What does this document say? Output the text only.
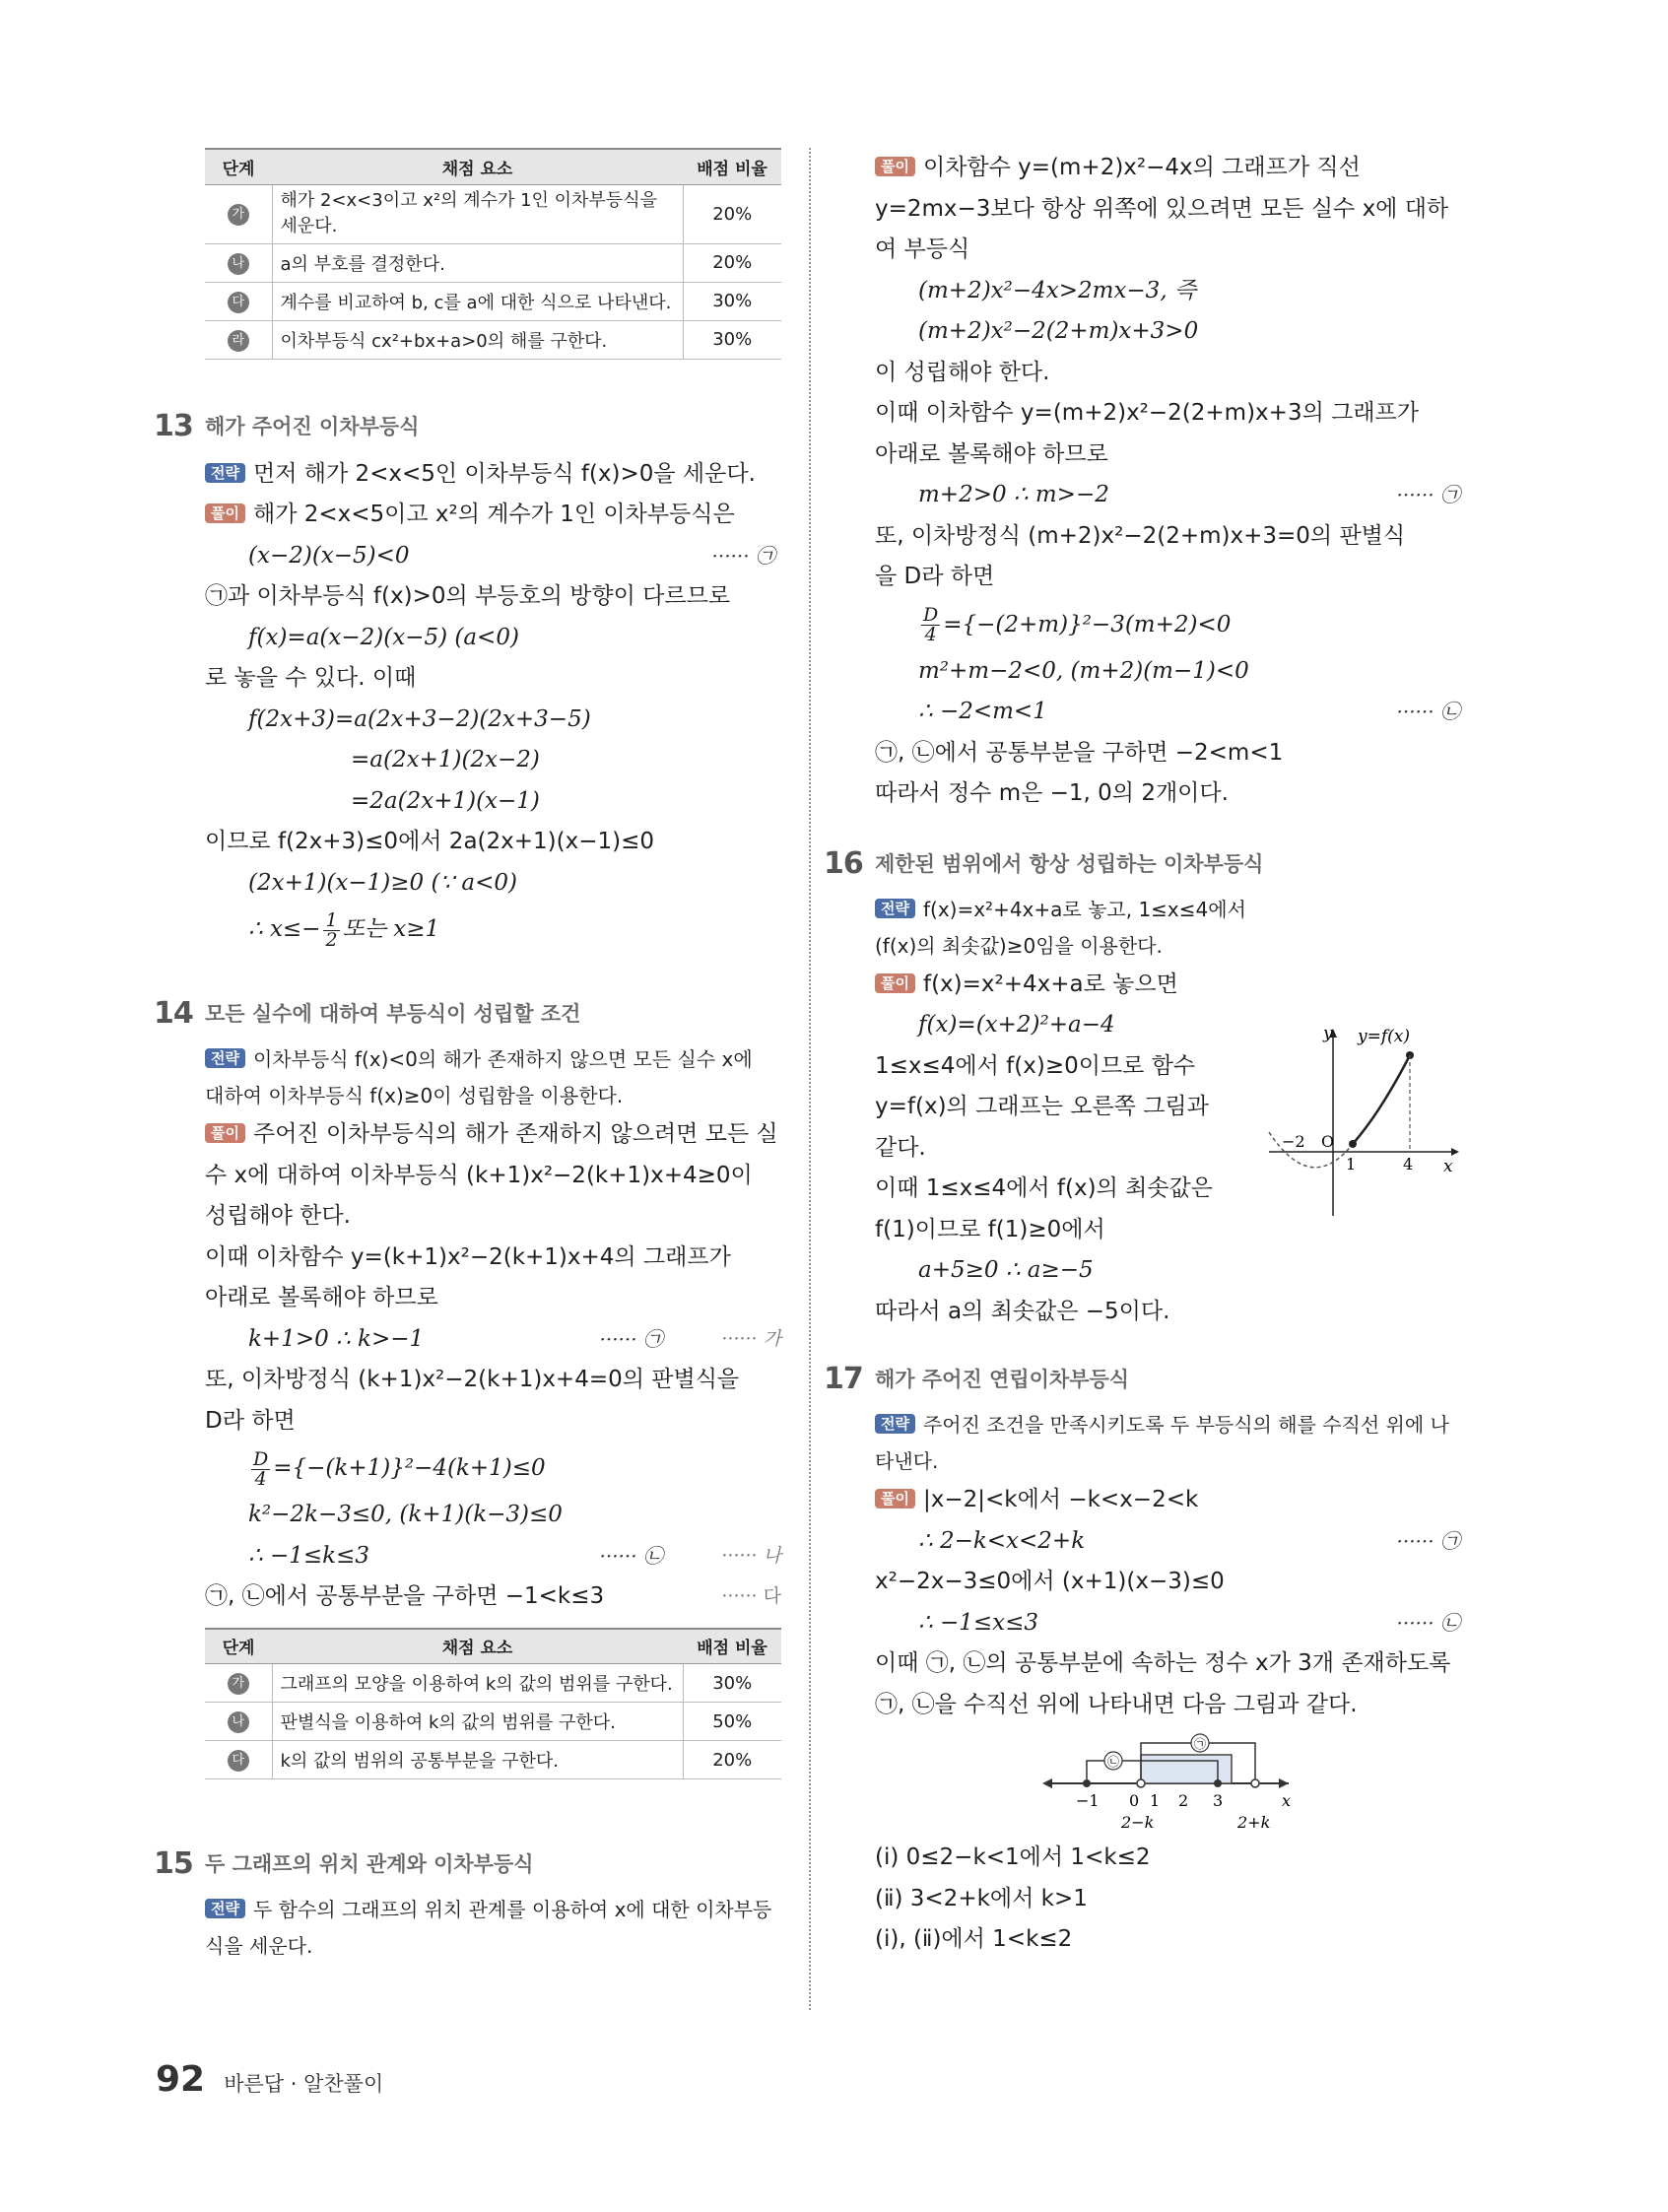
단계	채점 요소	배점 비율
가	해가 2<x<3이고 x²의 계수가 1인 이차부등식을 세운다.	20%
나	a의 부호를 결정한다.	20%
다	계수를 비교하여 b, c를 a에 대한 식으로 나타낸다.	30%
라	이차부등식 cx²+bx+a>0의 해를 구한다.	30%
13 해가 주어진 이차부등식
전략 먼저 해가 2<x<5인 이차부등식 f(x)>0을 세운다.
풀이 해가 2<x<5이고 x²의 계수가 1인 이차부등식은
(x−2)(x−5)<0	······ ㉠
㉠과 이차부등식 f(x)>0의 부등호의 방향이 다르므로
f(x)=a(x−2)(x−5) (a<0)
로 놓을 수 있다. 이때
f(2x+3)=a(2x+3−2)(2x+3−5)
=a(2x+1)(2x−2)
=2a(2x+1)(x−1)
이므로 f(2x+3)≤0에서 2a(2x+1)(x−1)≤0
(2x+1)(x−1)≥0 (∵ a<0)
∴ $x\le- \frac{1}{2}$ 또는 x≥1
14 모든 실수에 대하여 부등식이 성립할 조건
전략 이차부등식 f(x)<0의 해가 존재하지 않으면 모든 실수 x에
대하여 이차부등식 f(x)≥0이 성립함을 이용한다.
풀이 주어진 이차부등식의 해가 존재하지 않으려면 모든 실
수 x에 대하여 이차부등식 (k+1)x²−2(k+1)x+4≥0이
성립해야 한다.
이때 이차함수 y=(k+1)x²−2(k+1)x+4의 그래프가
아래로 볼록해야 하므로
k+1>0 ∴ k>−1	······ ㉠	······ 가
또, 이차방정식 (k+1)x²−2(k+1)x+4=0의 판별식을
D라 하면
$\frac{D}{4} =\{-(k+1)\}^2-4(k+1)\le 0$
k²−2k−3≤0, (k+1)(k−3)≤0
∴ −1≤k≤3	······ ㉡	······ 나
㉠, ㉡에서 공통부분을 구하면 −1<k≤3	······ 다
단계	채점 요소	배점 비율
가	그래프의 모양을 이용하여 k의 값의 범위를 구한다.	30%
나	판별식을 이용하여 k의 값의 범위를 구한다.	50%
다	k의 값의 범위의 공통부분을 구한다.	20%
15 두 그래프의 위치 관계와 이차부등식
전략 두 함수의 그래프의 위치 관계를 이용하여 x에 대한 이차부등
식을 세운다.
풀이 이차함수 y=(m+2)x²−4x의 그래프가 직선
y=2mx−3보다 항상 위쪽에 있으려면 모든 실수 x에 대하
여 부등식
(m+2)x²−4x>2mx−3, 즉
(m+2)x²−2(2+m)x+3>0
이 성립해야 한다.
이때 이차함수 y=(m+2)x²−2(2+m)x+3의 그래프가
아래로 볼록해야 하므로
m+2>0 ∴ m>−2	······ ㉠
또, 이차방정식 (m+2)x²−2(2+m)x+3=0의 판별식
을 D라 하면
$\frac{D}{4} =\{-(2+m)\}^2-3(m+2)<0$
m²+m−2<0, (m+2)(m−1)<0
∴ −2<m<1	······ ㉡
㉠, ㉡에서 공통부분을 구하면 −2<m<1
따라서 정수 m은 −1, 0의 2개이다.
16 제한된 범위에서 항상 성립하는 이차부등식
전략 f(x)=x²+4x+a로 놓고, 1≤x≤4에서
(f(x)의 최솟값)≥0임을 이용한다.
풀이 f(x)=x²+4x+a로 놓으면
f(x)=(x+2)²+a−4
1≤x≤4에서 f(x)≥0이므로 함수
y=f(x)의 그래프는 오른쪽 그림과
같다.
이때 1≤x≤4에서 f(x)의 최솟값은
f(1)이므로 f(1)≥0에서
a+5≥0 ∴ a≥−5
따라서 a의 최솟값은 −5이다.
y y=f(x)
x
O
−2
1	4
17 해가 주어진 연립이차부등식
전략 주어진 조건을 만족시키도록 두 부등식의 해를 수직선 위에 나
타낸다.
풀이 |x−2|<k에서 −k<x−2<k
∴ 2−k<x<2+k	······ ㉠
x²−2x−3≤0에서 (x+1)(x−3)≤0
∴ −1≤x≤3	······ ㉡
이때 ㉠, ㉡의 공통부분에 속하는 정수 x가 3개 존재하도록
㉠, ㉡을 수직선 위에 나타내면 다음 그림과 같다.
㉡
㉠
−1 0 1 2 3	x
2−k	2+k
(ⅰ) 0≤2−k<1에서 1<k≤2
(ⅱ) 3<2+k에서 k>1
(ⅰ), (ⅱ)에서 1<k≤2
92 바른답 · 알찬풀이
